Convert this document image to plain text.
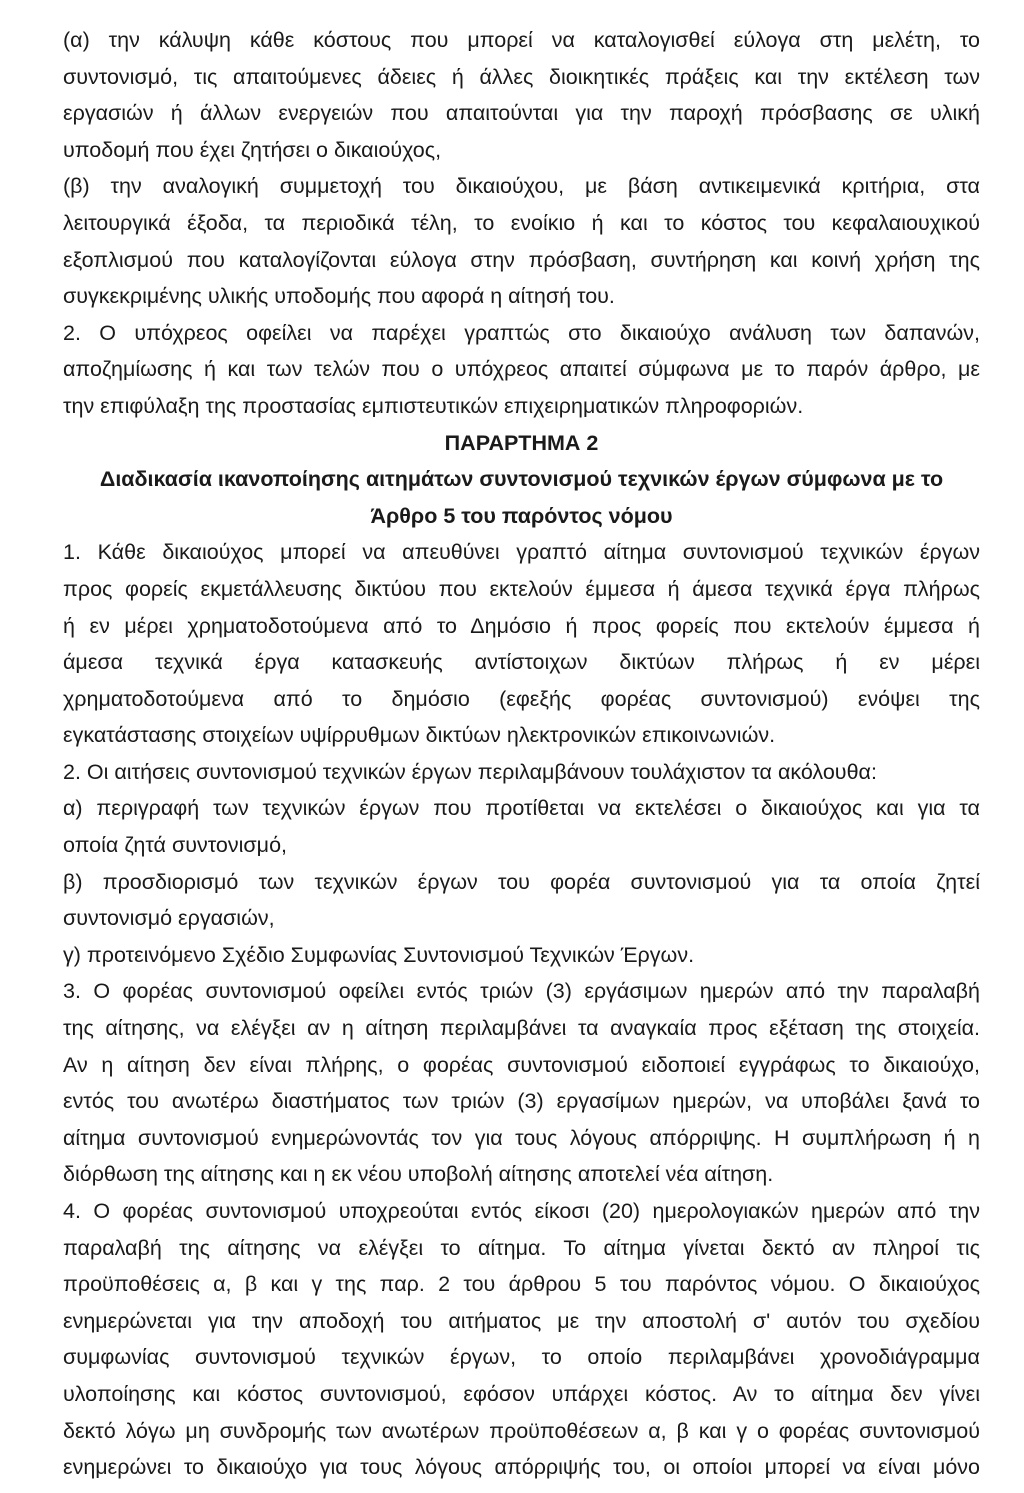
(α) την κάλυψη κάθε κόστους που μπορεί να καταλογισθεί εύλογα στη μελέτη, το
συντονισμό, τις απαιτούμενες άδειες ή άλλες διοικητικές πράξεις και την εκτέλεση των
εργασιών ή άλλων ενεργειών που απαιτούνται για την παροχή πρόσβασης σε υλική
υποδομή που έχει ζητήσει ο δικαιούχος,
(β) την αναλογική συμμετοχή του δικαιούχου, με βάση αντικειμενικά κριτήρια, στα
λειτουργικά έξοδα, τα περιοδικά τέλη, το ενοίκιο ή και το κόστος του κεφαλαιουχικού
εξοπλισμού που καταλογίζονται εύλογα στην πρόσβαση, συντήρηση και κοινή χρήση της
συγκεκριμένης υλικής υποδομής που αφορά η αίτησή του.
2. Ο υπόχρεος οφείλει να παρέχει γραπτώς στο δικαιούχο ανάλυση των δαπανών,
αποζημίωσης ή και των τελών που ο υπόχρεος απαιτεί σύμφωνα με το παρόν άρθρο, με
την επιφύλαξη της προστασίας εμπιστευτικών επιχειρηματικών πληροφοριών.
ΠΑΡΑΡΤΗΜΑ 2
Διαδικασία ικανοποίησης αιτημάτων συντονισμού τεχνικών έργων σύμφωνα με το
Άρθρο 5 του παρόντος νόμου
1. Κάθε δικαιούχος μπορεί να απευθύνει γραπτό αίτημα συντονισμού τεχνικών έργων
προς φορείς εκμετάλλευσης δικτύου που εκτελούν έμμεσα ή άμεσα τεχνικά έργα πλήρως
ή εν μέρει χρηματοδοτούμενα από το Δημόσιο ή προς φορείς που εκτελούν έμμεσα ή
άμεσα τεχνικά έργα κατασκευής αντίστοιχων δικτύων πλήρως ή εν μέρει
χρηματοδοτούμενα από το δημόσιο (εφεξής φορέας συντονισμού) ενόψει της
εγκατάστασης στοιχείων υψίρρυθμων δικτύων ηλεκτρονικών επικοινωνιών.
2. Οι αιτήσεις συντονισμού τεχνικών έργων περιλαμβάνουν τουλάχιστον τα ακόλουθα:
α) περιγραφή των τεχνικών έργων που προτίθεται να εκτελέσει ο δικαιούχος και για τα
οποία ζητά συντονισμό,
β) προσδιορισμό των τεχνικών έργων του φορέα συντονισμού για τα οποία ζητεί
συντονισμό εργασιών,
γ) προτεινόμενο Σχέδιο Συμφωνίας Συντονισμού Τεχνικών Έργων.
3. Ο φορέας συντονισμού οφείλει εντός τριών (3) εργάσιμων ημερών από την παραλαβή
της αίτησης, να ελέγξει αν η αίτηση περιλαμβάνει τα αναγκαία προς εξέταση της στοιχεία.
Αν η αίτηση δεν είναι πλήρης, ο φορέας συντονισμού ειδοποιεί εγγράφως το δικαιούχο,
εντός του ανωτέρω διαστήματος των τριών (3) εργασίμων ημερών, να υποβάλει ξανά το
αίτημα συντονισμού ενημερώνοντάς τον για τους λόγους απόρριψης. Η συμπλήρωση ή η
διόρθωση της αίτησης και η εκ νέου υποβολή αίτησης αποτελεί νέα αίτηση.
4. Ο φορέας συντονισμού υποχρεούται εντός είκοσι (20) ημερολογιακών ημερών από την
παραλαβή της αίτησης να ελέγξει το αίτημα. Το αίτημα γίνεται δεκτό αν πληροί τις
προϋποθέσεις α, β και γ της παρ. 2 του άρθρου 5 του παρόντος νόμου. Ο δικαιούχος
ενημερώνεται για την αποδοχή του αιτήματος με την αποστολή σ' αυτόν του σχεδίου
συμφωνίας συντονισμού τεχνικών έργων, το οποίο περιλαμβάνει χρονοδιάγραμμα
υλοποίησης και κόστος συντονισμού, εφόσον υπάρχει κόστος. Αν το αίτημα δεν γίνει
δεκτό λόγω μη συνδρομής των ανωτέρων προϋποθέσεων α, β και γ ο φορέας συντονισμού
ενημερώνει το δικαιούχο για τους λόγους απόρριψής του, οι οποίοι μπορεί να είναι μόνο
